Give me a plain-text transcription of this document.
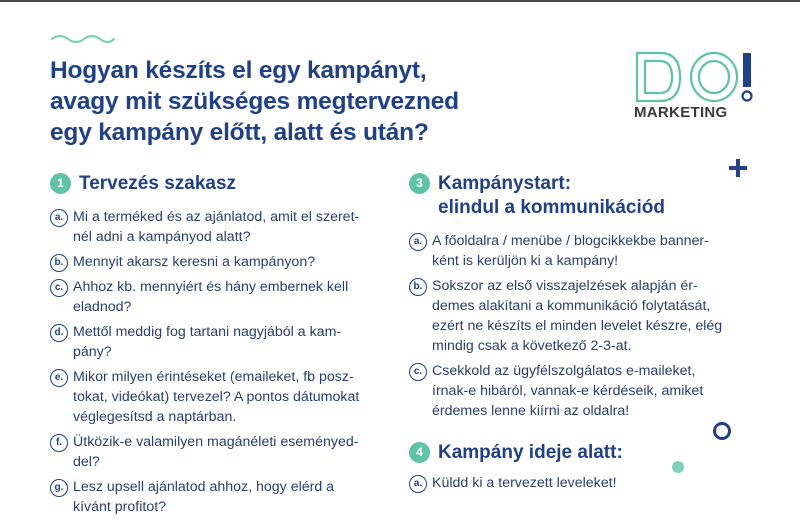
Hogyan készíts el egy kampányt,
avagy mit szükséges megtervezned
egy kampány előtt, alatt és után?
MARKETING
1 Tervezés szakasz
a. Mi a terméked és az ajánlatod, amit el szeret-
nél adni a kampányod alatt?
b. Mennyit akarsz keresni a kampányon?
c. Ahhoz kb. mennyiért és hány embernek kell
eladnod?
d. Mettől meddig fog tartani nagyjából a kam-
pány?
e. Mikor milyen érintéseket (emaileket, fb posz-
tokat, videókat) tervezel? A pontos dátumokat
véglegesítsd a naptárban.
f. Ütközik-e valamilyen magánéleti eseményed-
del?
g. Lesz upsell ajánlatod ahhoz, hogy elérd a
kívánt profitot?
3 Kampánystart:
elindul a kommunikációd
a. A főoldalra / menübe / blogcikkekbe banner-
ként is kerüljön ki a kampány!
b. Sokszor az első visszajelzések alapján ér-
demes alakítani a kommunikáció folytatását,
ezért ne készíts el minden levelet készre, elég
mindig csak a következő 2-3-at.
c. Csekkold az ügyfélszolgálatos e-maileket,
írnak-e hibáról, vannak-e kérdéseik, amiket
érdemes lenne kiírni az oldalra!
4 Kampány ideje alatt:
a. Küldd ki a tervezett leveleket!
